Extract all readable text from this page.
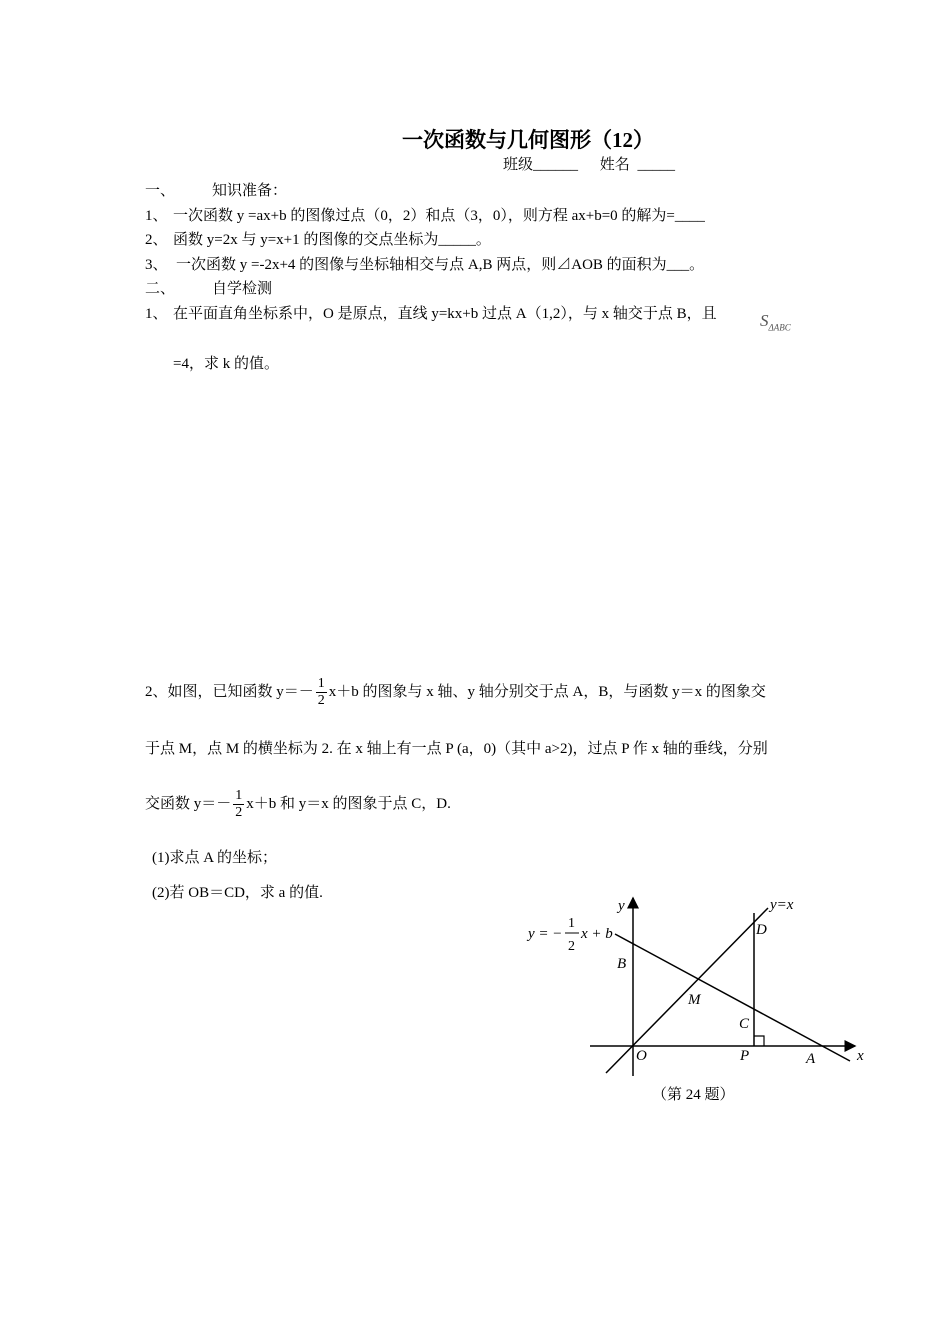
一次函数与几何图形（12）
班级______ 姓名 _____
一、 知识准备：
1、 一次函数 y =ax+b 的图像过点（0，2）和点（3，0），则方程 ax+b=0 的解为=____
2、 函数 y=2x 与 y=x+1 的图像的交点坐标为_____。
3、 一次函数 y =-2x+4 的图像与坐标轴相交与点 A,B 两点，则⊿AOB 的面积为___。
二、 自学检测
1、 在平面直角坐标系中，O 是原点，直线 y=kx+b 过点 A（1,2），与 x 轴交于点 B，且	$S_{\Delta ABC}$
=4，求 k 的值。
2、如图，已知函数 $y=- \frac{1}{2} x+b$ 的图象与 x 轴、y 轴分别交于点 A，B，与函数 y＝x 的图象交
于点 M，点 M 的横坐标为 2. 在 x 轴上有一点 P (a，0)（其中 a>2)，过点 P 作 x 轴的垂线，分别
交函数 $y=- \frac{1}{2} x+b$ 和 y＝x 的图象于点 C，D.
(1)求点 A 的坐标；
(2)若 OB＝CD，求 a 的值.
y
x
y=x
O
B
M
D
C
P	A
y = −
1
2
x + b
（第 24 题）
